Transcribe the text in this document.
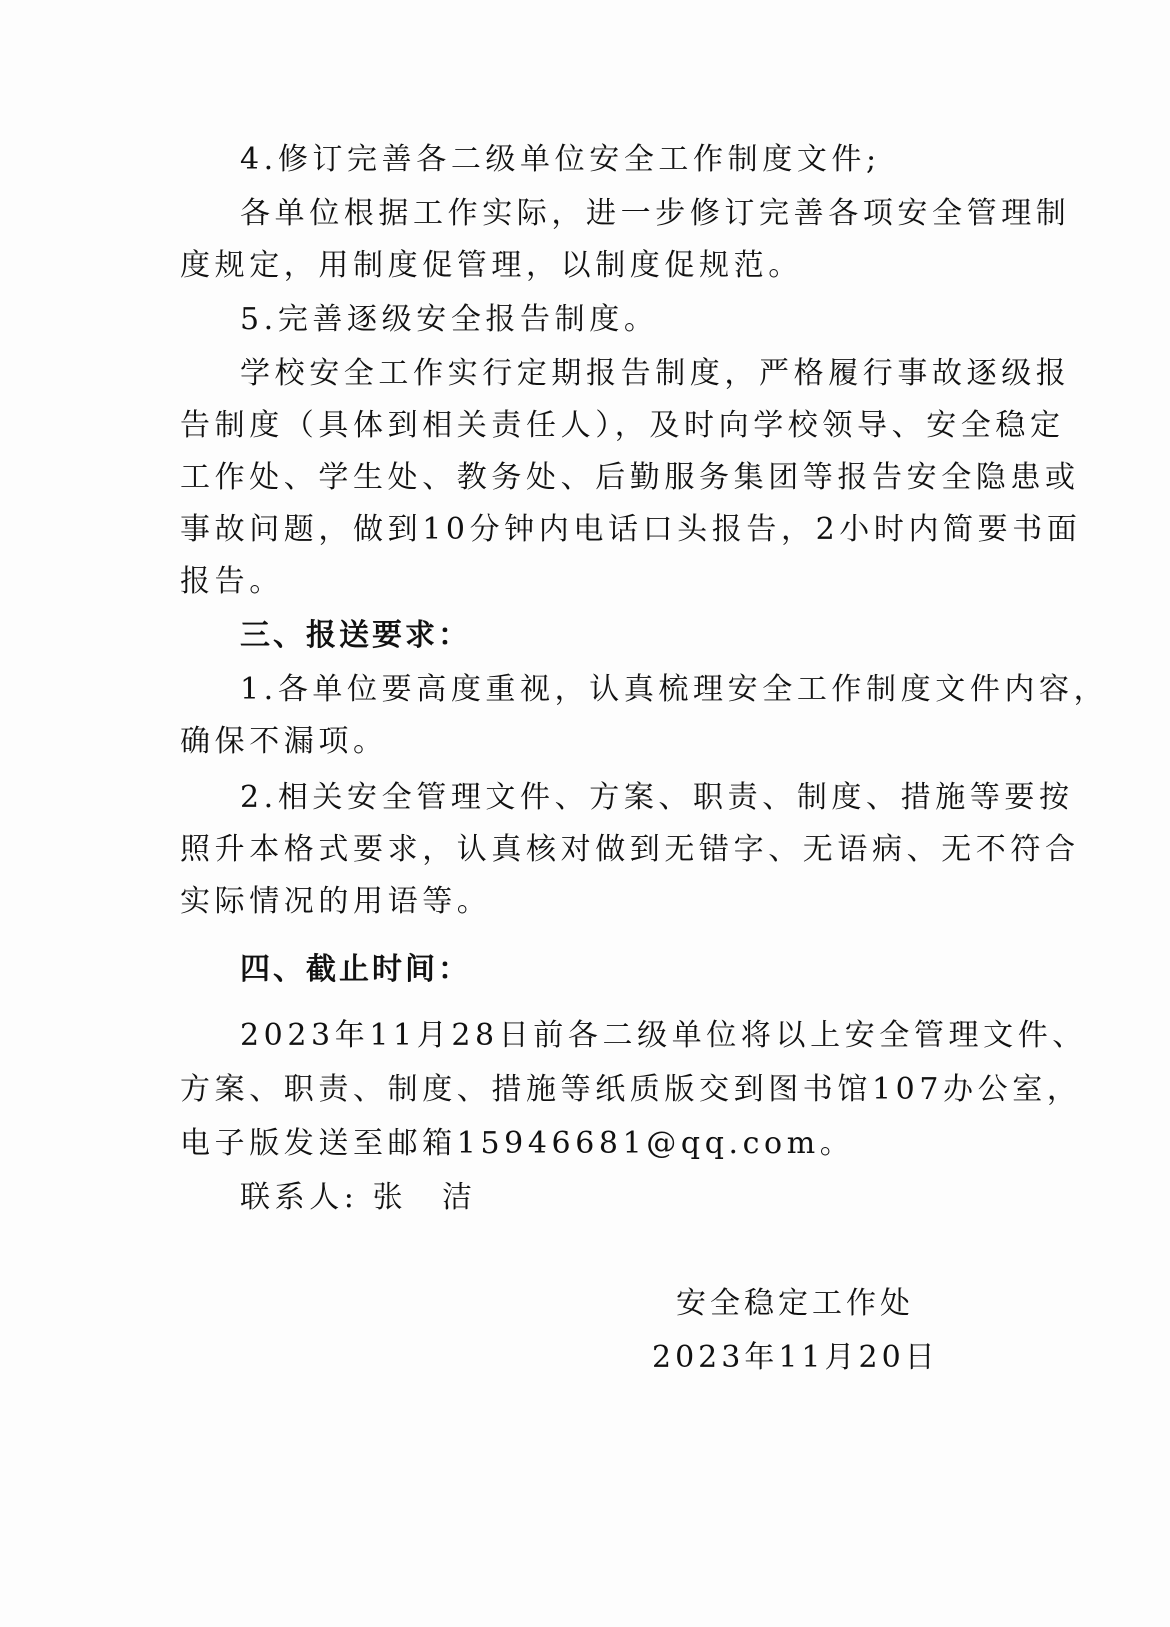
4.修订完善各二级单位安全工作制度文件;
各单位根据工作实际，进一步修订完善各项安全管理制
度规定，用制度促管理，以制度促规范。
5.完善逐级安全报告制度。
学校安全工作实行定期报告制度，严格履行事故逐级报
告制度（具体到相关责任人），及时向学校领导、安全稳定
工作处、学生处、教务处、后勤服务集团等报告安全隐患或
事故问题，做到10分钟内电话口头报告，2小时内简要书面
报告。
三、报送要求：
1.各单位要高度重视，认真梳理安全工作制度文件内容，
确保不漏项。
2.相关安全管理文件、方案、职责、制度、措施等要按
照升本格式要求，认真核对做到无错字、无语病、无不符合
实际情况的用语等。
四、截止时间：
2023年11月28日前各二级单位将以上安全管理文件、
方案、职责、制度、措施等纸质版交到图书馆107办公室，
电子版发送至邮箱15946681@qq.com。
联系人: 张　洁
安全稳定工作处
2023年11月20日
